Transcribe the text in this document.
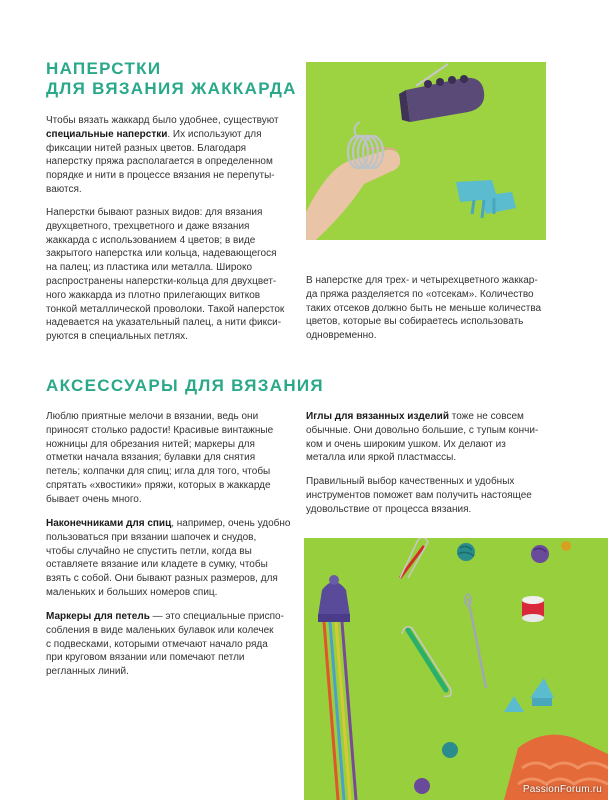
НАПЕРСТКИ
ДЛЯ ВЯЗАНИЯ ЖАККАРДА

Чтобы вязать жаккард было удобнее, существуют
специальные наперстки. Их используют для
фиксации нитей разных цветов. Благодаря
наперстку пряжа располагается в определенном
порядке и нити в процессе вязания не перепуты-
ваются.

Наперстки бывают разных видов: для вязания
двухцветного, трехцветного и даже вязания
жаккарда с использованием 4 цветов; в виде
закрытого наперстка или кольца, надевающегося
на палец; из пластика или металла. Широко
распространены наперстки-кольца для двухцвет-
ного жаккарда из плотно прилегающих витков
тонкой металлической проволоки. Такой наперсток
надевается на указательный палец, а нити фикси-
руются в специальных петлях.

В наперстке для трех- и четырехцветного жаккар-
да пряжа разделяется по «отсекам». Количество
таких отсеков должно быть не меньше количества
цветов, которые вы собираетесь использовать
одновременно.

АКСЕССУАРЫ ДЛЯ ВЯЗАНИЯ

Люблю приятные мелочи в вязании, ведь они
приносят столько радости! Красивые винтажные
ножницы для обрезания нитей; маркеры для
отметки начала вязания; булавки для снятия
петель; колпачки для спиц; игла для того, чтобы
спрятать «хвостики» пряжи, которых в жаккарде
бывает очень много.

Наконечниками для спиц, например, очень удобно
пользоваться при вязании шапочек и снудов,
чтобы случайно не спустить петли, когда вы
оставляете вязание или кладете в сумку, чтобы
взять с собой. Они бывают разных размеров, для
маленьких и больших номеров спиц.

Маркеры для петель — это специальные приспо-
собления в виде маленьких булавок или колечек
с подвесками, которыми отмечают начало ряда
при круговом вязании или помечают петли
регланных линий.

Иглы для вязанных изделий тоже не совсем
обычные. Они довольно большие, с тупым кончи-
ком и очень широким ушком. Их делают из
металла или яркой пластмассы.

Правильный выбор качественных и удобных
инструментов поможет вам получить настоящее
удовольствие от процесса вязания.

PassionForum.ru
